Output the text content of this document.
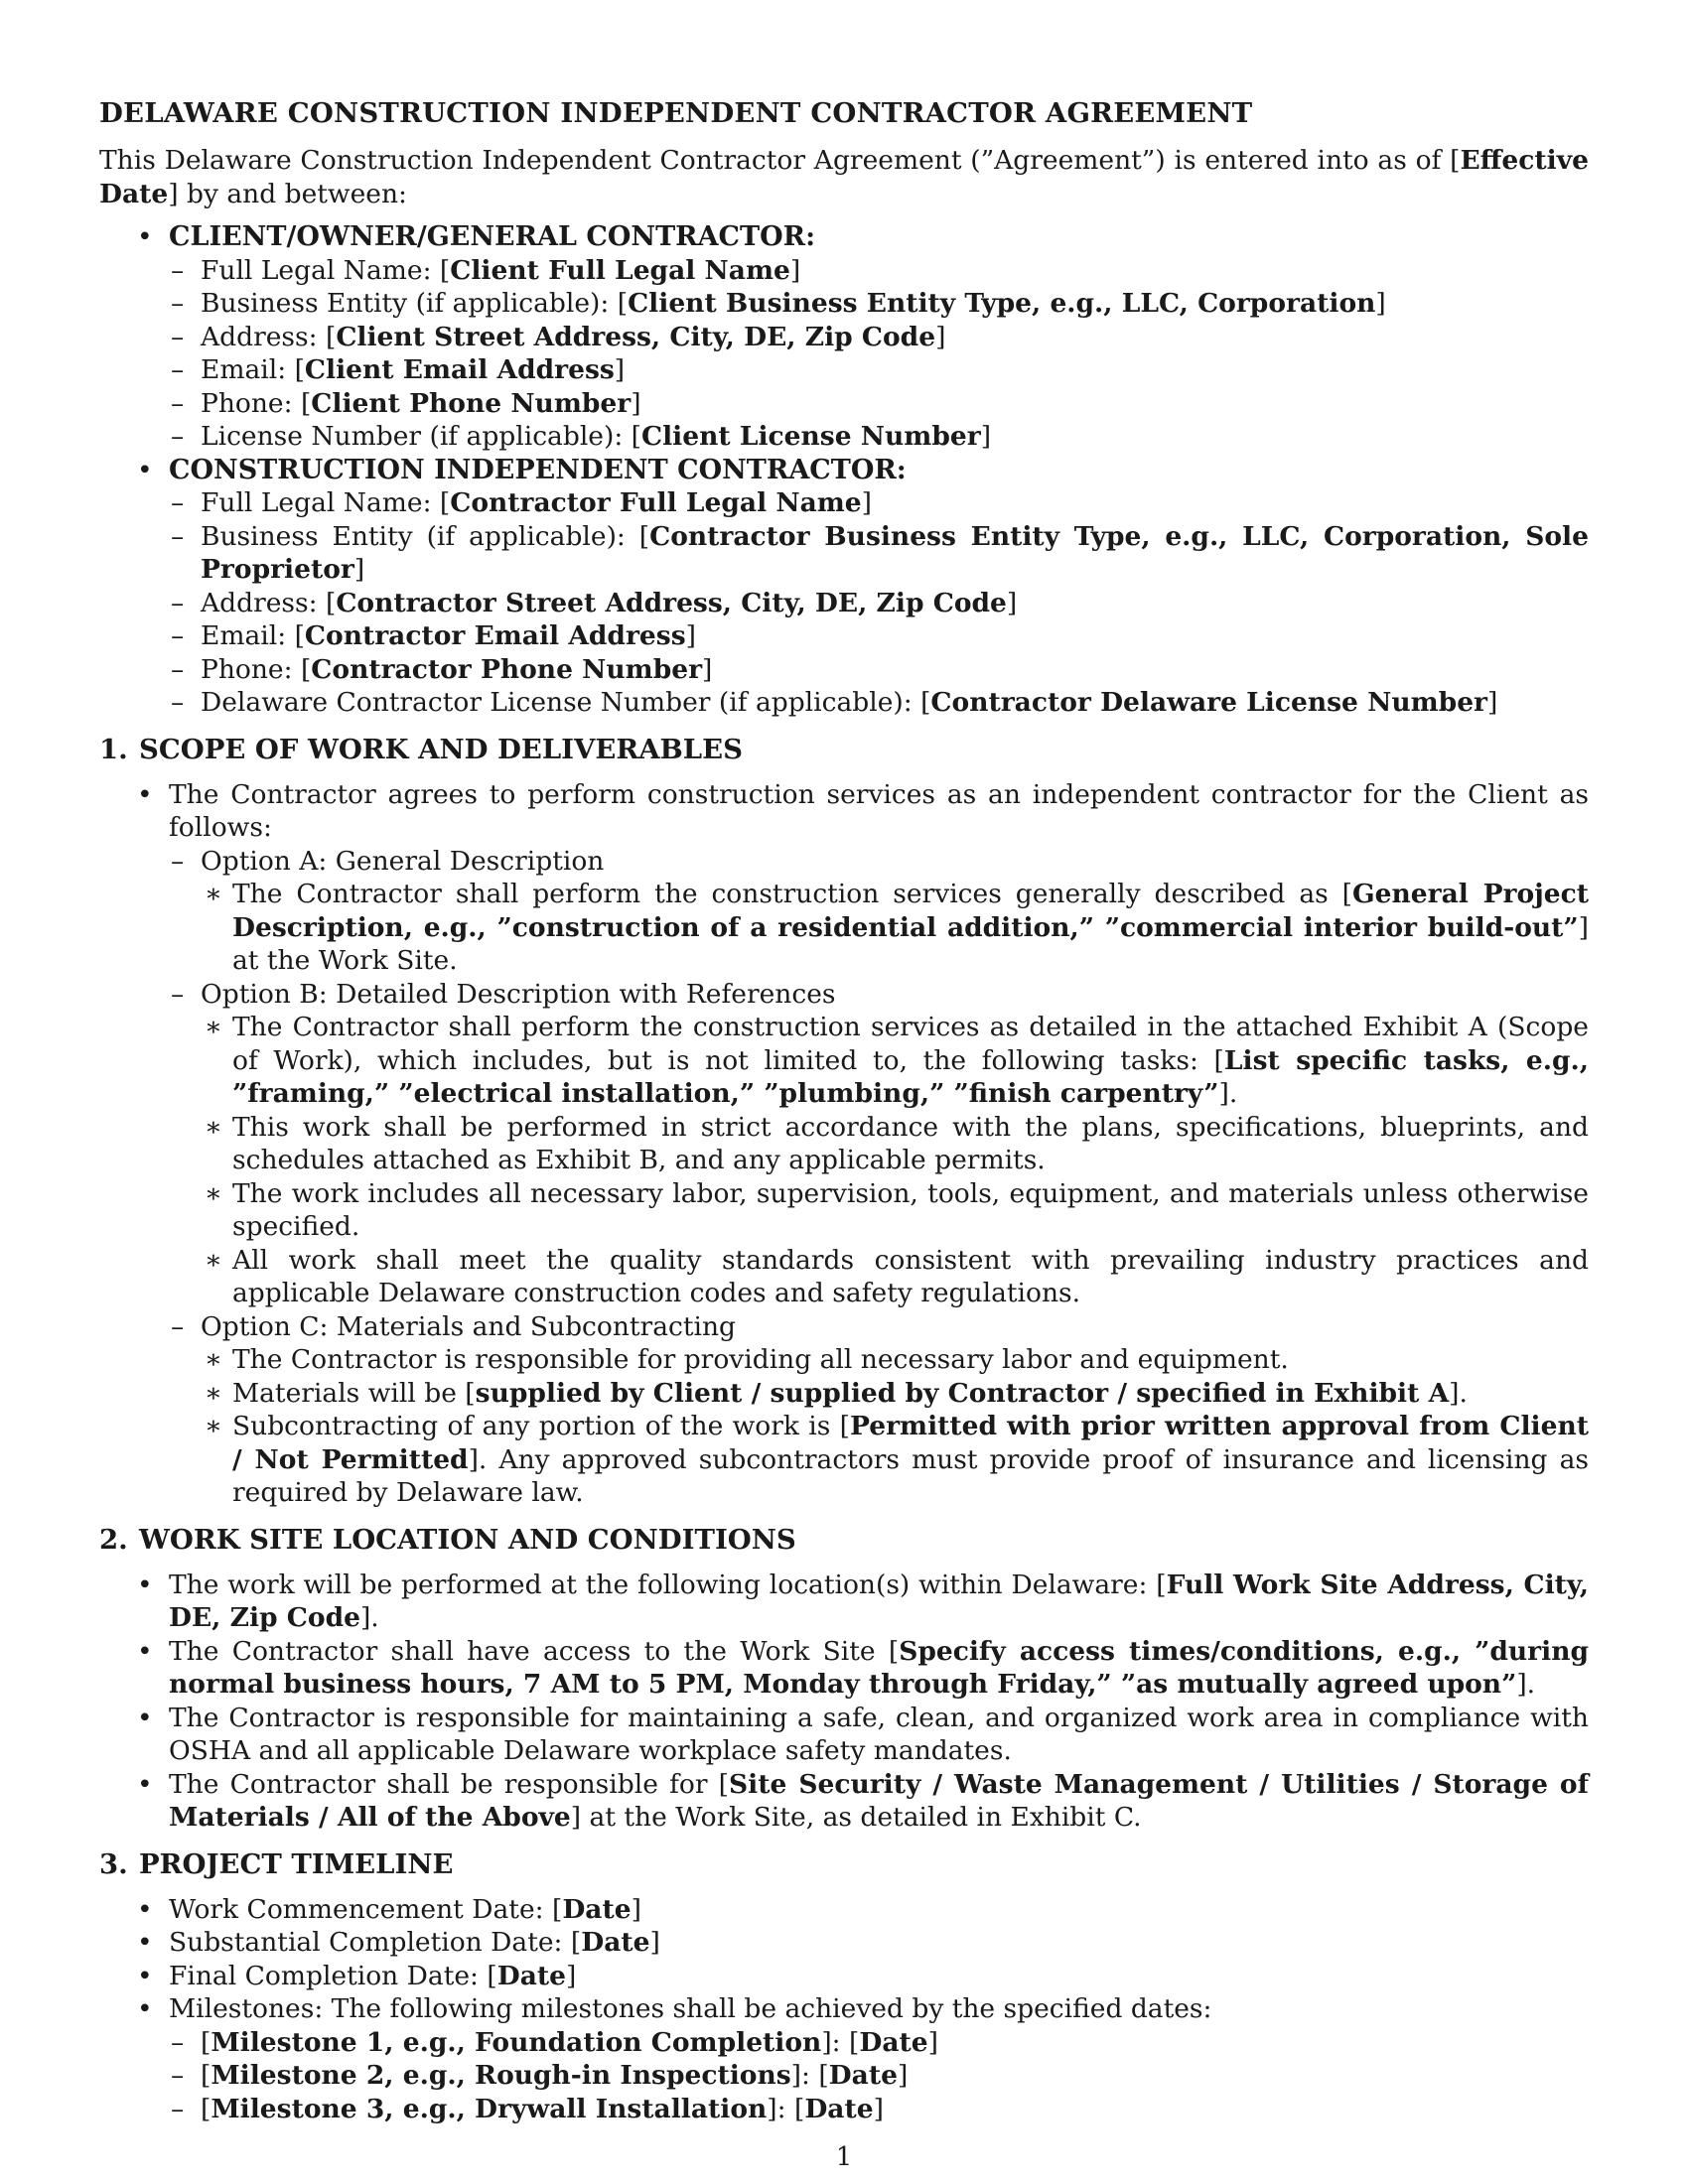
DELAWARE CONSTRUCTION INDEPENDENT CONTRACTOR AGREEMENT

This Delaware Construction Independent Contractor Agreement (”Agreement”) is entered into as of [Effective Date] by and between:

• CLIENT/OWNER/GENERAL CONTRACTOR:
– Full Legal Name: [Client Full Legal Name]
– Business Entity (if applicable): [Client Business Entity Type, e.g., LLC, Corporation]
– Address: [Client Street Address, City, DE, Zip Code]
– Email: [Client Email Address]
– Phone: [Client Phone Number]
– License Number (if applicable): [Client License Number]
• CONSTRUCTION INDEPENDENT CONTRACTOR:
– Full Legal Name: [Contractor Full Legal Name]
– Business Entity (if applicable): [Contractor Business Entity Type, e.g., LLC, Corporation, Sole Proprietor]
– Address: [Contractor Street Address, City, DE, Zip Code]
– Email: [Contractor Email Address]
– Phone: [Contractor Phone Number]
– Delaware Contractor License Number (if applicable): [Contractor Delaware License Number]
1. SCOPE OF WORK AND DELIVERABLES
• The Contractor agrees to perform construction services as an independent contractor for the Client as follows:
– Option A: General Description
∗ The Contractor shall perform the construction services generally described as [General Project Description, e.g., ”construction of a residential addition,” ”commercial interior build-out”] at the Work Site.
– Option B: Detailed Description with References
∗ The Contractor shall perform the construction services as detailed in the attached Exhibit A (Scope of Work), which includes, but is not limited to, the following tasks: [List specific tasks, e.g., ”framing,” ”electrical installation,” ”plumbing,” ”finish carpentry”].
∗ This work shall be performed in strict accordance with the plans, specifications, blueprints, and schedules attached as Exhibit B, and any applicable permits.
∗ The work includes all necessary labor, supervision, tools, equipment, and materials unless otherwise specified.
∗ All work shall meet the quality standards consistent with prevailing industry practices and applicable Delaware construction codes and safety regulations.
– Option C: Materials and Subcontracting
∗ The Contractor is responsible for providing all necessary labor and equipment.
∗ Materials will be [supplied by Client / supplied by Contractor / specified in Exhibit A].
∗ Subcontracting of any portion of the work is [Permitted with prior written approval from Client / Not Permitted]. Any approved subcontractors must provide proof of insurance and licensing as required by Delaware law.
2. WORK SITE LOCATION AND CONDITIONS
• The work will be performed at the following location(s) within Delaware: [Full Work Site Address, City, DE, Zip Code].
• The Contractor shall have access to the Work Site [Specify access times/conditions, e.g., ”during normal business hours, 7 AM to 5 PM, Monday through Friday,” ”as mutually agreed upon”].
• The Contractor is responsible for maintaining a safe, clean, and organized work area in compliance with OSHA and all applicable Delaware workplace safety mandates.
• The Contractor shall be responsible for [Site Security / Waste Management / Utilities / Storage of Materials / All of the Above] at the Work Site, as detailed in Exhibit C.
3. PROJECT TIMELINE
• Work Commencement Date: [Date]
• Substantial Completion Date: [Date]
• Final Completion Date: [Date]
• Milestones: The following milestones shall be achieved by the specified dates:
– [Milestone 1, e.g., Foundation Completion]: [Date]
– [Milestone 2, e.g., Rough-in Inspections]: [Date]
– [Milestone 3, e.g., Drywall Installation]: [Date]
1
